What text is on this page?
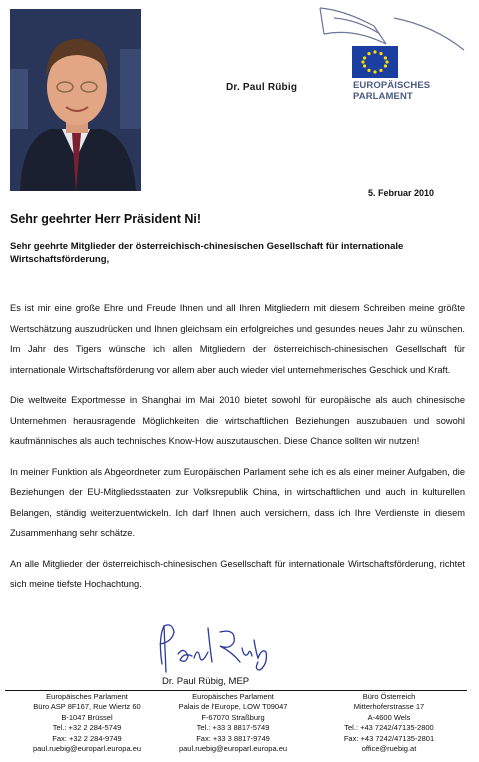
Dr. Paul Rübig	EUROPÄISCHES PARLAMENT
5. Februar 2010
Sehr geehrter Herr Präsident Ni!
Sehr geehrte Mitglieder der österreichisch-chinesischen Gesellschaft für internationale Wirtschaftsförderung,

Es ist mir eine große Ehre und Freude Ihnen und all Ihren Mitgliedern mit diesem Schreiben meine größte Wertschätzung auszudrücken und Ihnen gleichsam ein erfolgreiches und gesundes neues Jahr zu wünschen. Im Jahr des Tigers wünsche ich allen Mitgliedern der österreichisch-chinesischen Gesellschaft für internationale Wirtschaftsförderung vor allem aber auch wieder viel unternehmerisches Geschick und Kraft.

Die weltweite Exportmesse in Shanghai im Mai 2010 bietet sowohl für europäische als auch chinesische Unternehmen herausragende Möglichkeiten die wirtschaftlichen Beziehungen auszubauen und sowohl kaufmännisches als auch technisches Know-How auszutauschen. Diese Chance sollten wir nutzen!

In meiner Funktion als Abgeordneter zum Europäischen Parlament sehe ich es als einer meiner Aufgaben, die Beziehungen der EU-Mitgliedsstaaten zur Volksrepublik China, in wirtschaftlichen und auch in kulturellen Belangen, ständig weiterzuentwickeln. Ich darf Ihnen auch versichern, dass ich Ihre Verdienste in diesem Zusammenhang sehr schätze.

An alle Mitglieder der österreichisch-chinesischen Gesellschaft für internationale Wirtschaftsförderung, richtet sich meine tiefste Hochachtung.

Dr. Paul Rübig, MEP
Europäisches Parlament
Büro ASP 8F167, Rue Wiertz 60
B-1047 Brüssel
Tel.: +32 2 284-5749
Fax: +32 2 284-9749
paul.ruebig@europarl.europa.eu
Europäisches Parlament
Palais de l'Europe, LOW T09047
F-67070 Straßburg
Tel.: +33 3 8817-5749
Fax: +33 3 8817-9749
paul.ruebig@europarl.europa.eu
Büro Österreich
Mitterhoferstrasse 17
A-4600 Wels
Tel.: +43 7242/47135-2800
Fax: +43 7242/47135-2801
office@ruebig.at
